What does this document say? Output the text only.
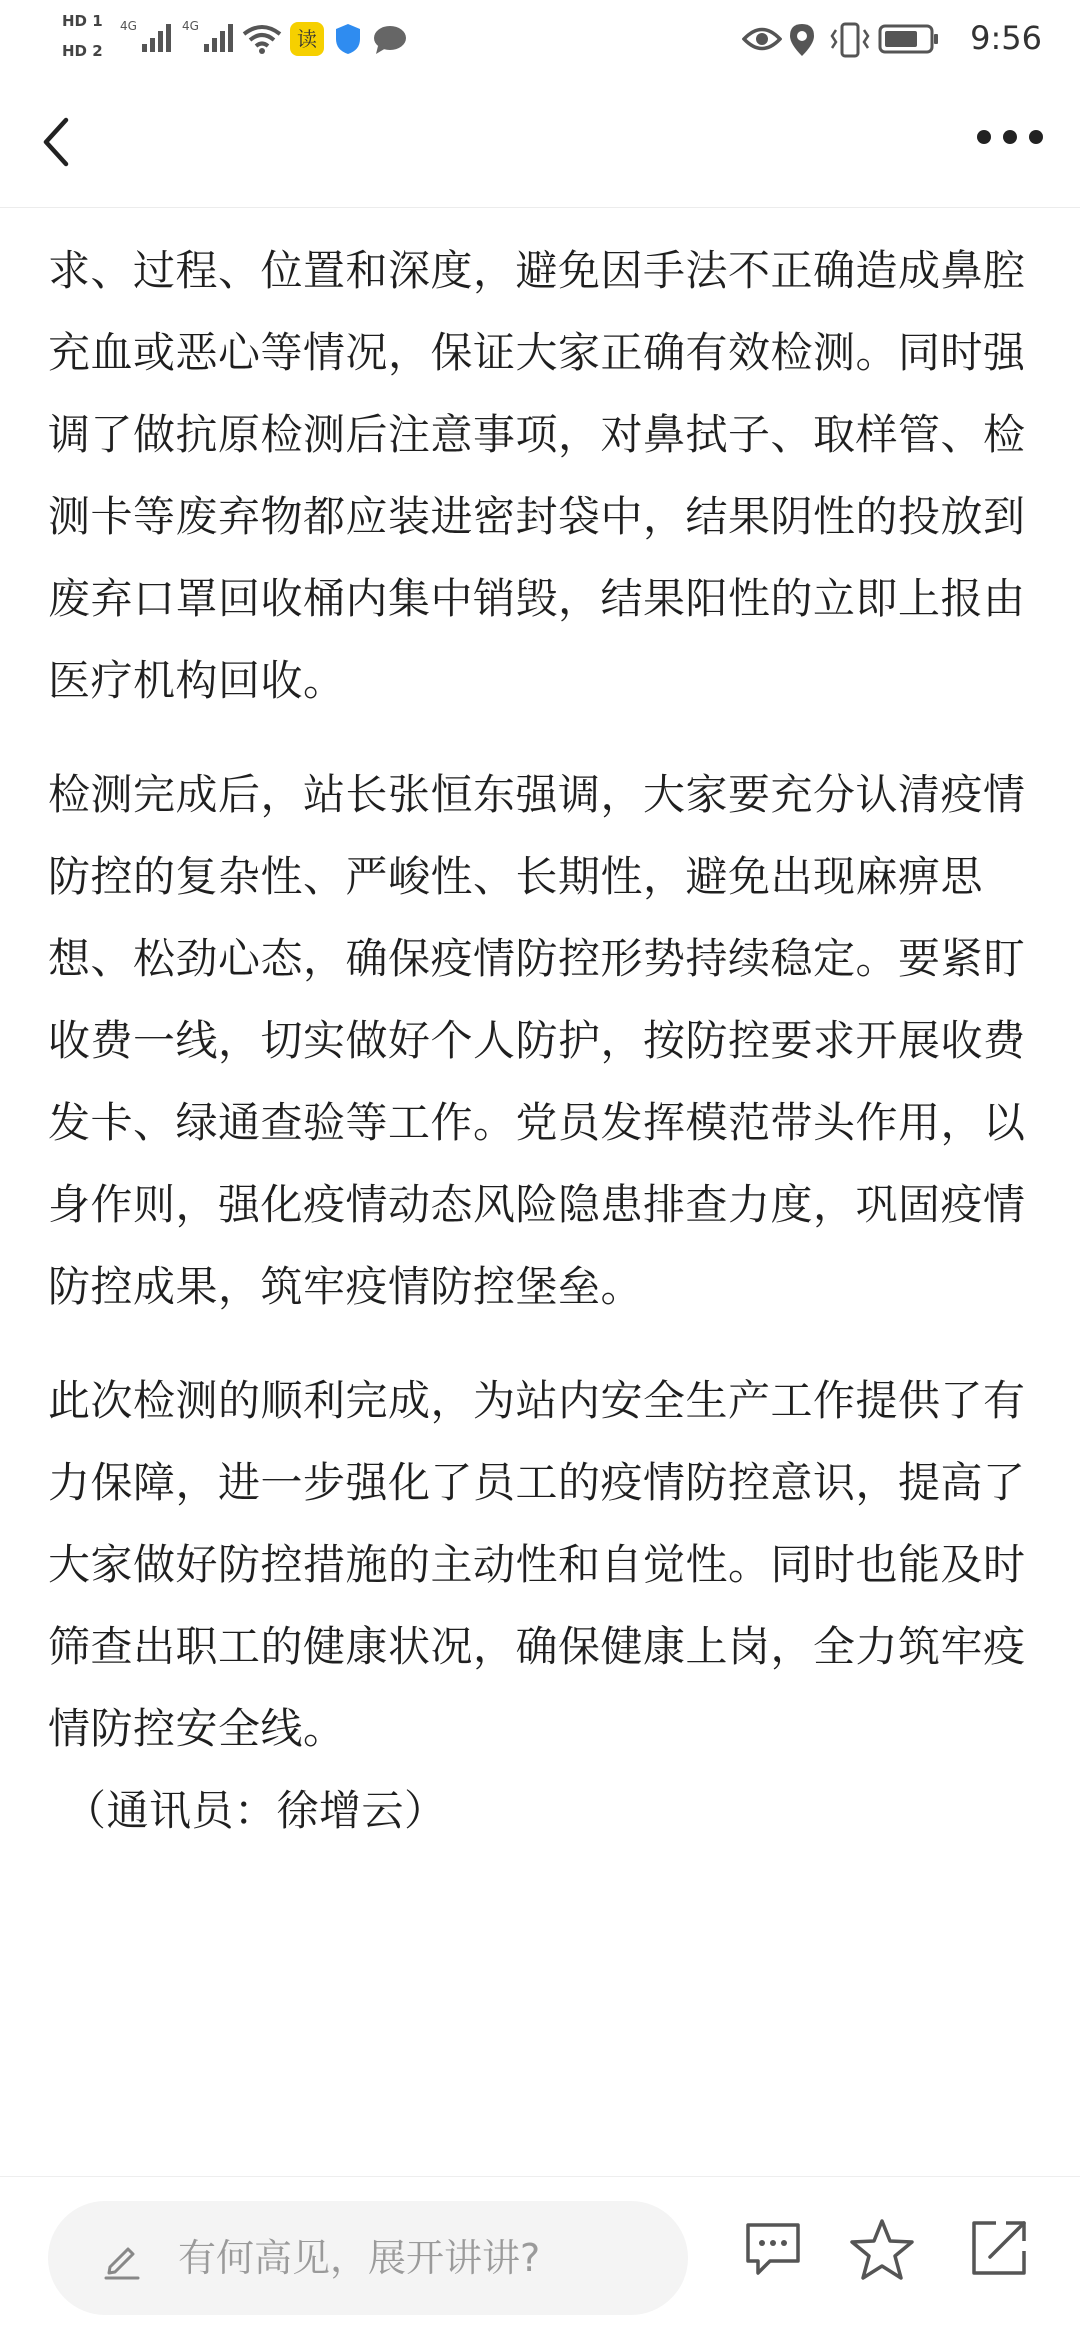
HD 1
HD 2
4G	4G
读	9:56

求、过程、位置和深度，避免因手法不正确造成鼻腔充血或恶心等情况，保证大家正确有效检测。同时强调了做抗原检测后注意事项，对鼻拭子、取样管、检测卡等废弃物都应装进密封袋中，结果阴性的投放到废弃口罩回收桶内集中销毁，结果阳性的立即上报由医疗机构回收。

检测完成后，站长张恒东强调，大家要充分认清疫情防控的复杂性、严峻性、长期性，避免出现麻痹思想、松劲心态，确保疫情防控形势持续稳定。要紧盯收费一线，切实做好个人防护，按防控要求开展收费发卡、绿通查验等工作。党员发挥模范带头作用，以身作则，强化疫情动态风险隐患排查力度，巩固疫情防控成果，筑牢疫情防控堡垒。

此次检测的顺利完成，为站内安全生产工作提供了有力保障，进一步强化了员工的疫情防控意识，提高了大家做好防控措施的主动性和自觉性。同时也能及时筛查出职工的健康状况，确保健康上岗，全力筑牢疫情防控安全线。
（通讯员：徐增云）

有何高见，展开讲讲?
